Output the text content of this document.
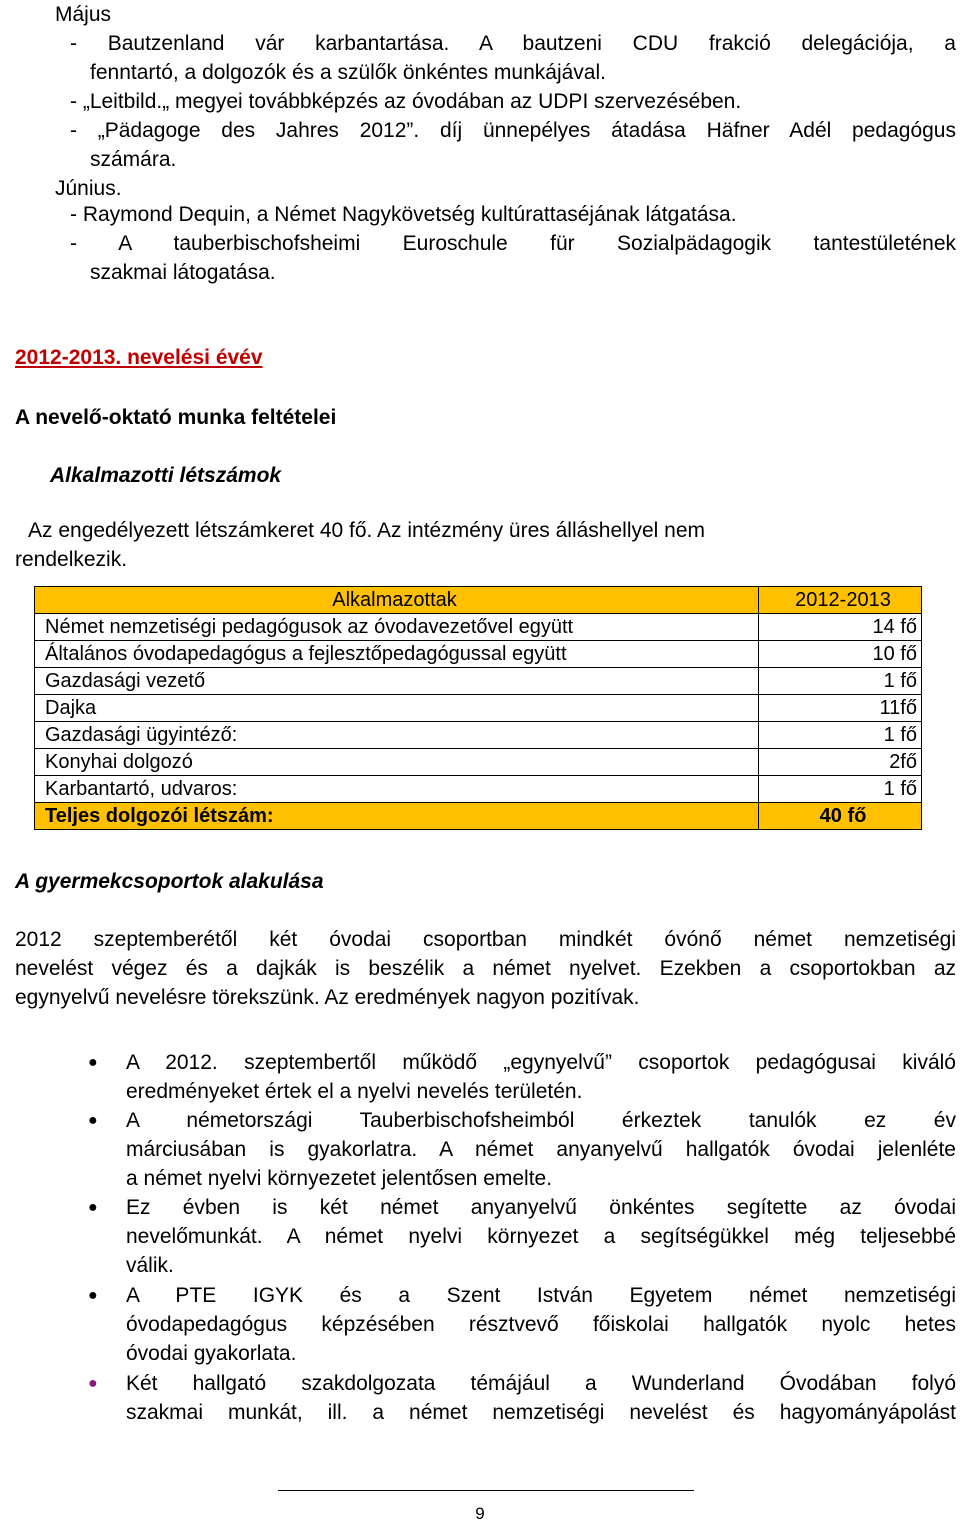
Május
- Bautzenland vár karbantartása. A bautzeni CDU frakció delegációja, a
fenntartó, a dolgozók és a szülők önkéntes munkájával.
- „Leitbild.„ megyei továbbképzés az óvodában az UDPI szervezésében.
- „Pädagoge des Jahres 2012”. díj ünnepélyes átadása Häfner Adél pedagógus
számára.
Június.
- Raymond Dequin, a Német Nagykövetség kultúrattaséjának látgatása.
- A tauberbischofsheimi Euroschule für Sozialpädagogik tantestületének
szakmai látogatása.
2012-2013. nevelési évév
A nevelő-oktató munka feltételei
Alkalmazotti létszámok
Az engedélyezett létszámkeret 40 fő. Az intézmény üres álláshellyel nem
rendelkezik.
Alkalmazottak	2012-2013
Német nemzetiségi pedagógusok az óvodavezetővel együtt	14 fő
Általános óvodapedagógus a fejlesztőpedagógussal együtt	10 fő
Gazdasági vezető	1 fő
Dajka	11fő
Gazdasági ügyintéző:	1 fő
Konyhai dolgozó	2fő
Karbantartó, udvaros:	1 fő
Teljes dolgozói létszám:	40 fő
A gyermekcsoportok alakulása
2012 szeptemberétől két óvodai csoportban mindkét óvónő német nemzetiségi
nevelést végez és a dajkák is beszélik a német nyelvet. Ezekben a csoportokban az
egynyelvű nevelésre törekszünk. Az eredmények nagyon pozitívak.
● A 2012. szeptembertől működő „egynyelvű” csoportok pedagógusai kiváló
eredményeket értek el a nyelvi nevelés területén.
● A németországi Tauberbischofsheimból érkeztek tanulók ez év
márciusában is gyakorlatra. A német anyanyelvű hallgatók óvodai jelenléte
a német nyelvi környezetet jelentősen emelte.
● Ez évben is két német anyanyelvű önkéntes segítette az óvodai
nevelőmunkát. A német nyelvi környezet a segítségükkel még teljesebbé
válik.
● A PTE IGYK és a Szent István Egyetem német nemzetiségi
óvodapedagógus képzésében résztvevő főiskolai hallgatók nyolc hetes
óvodai gyakorlata.
● Két hallgató szakdolgozata témájául a Wunderland Óvodában folyó
szakmai munkát, ill. a német nemzetiségi nevelést és hagyományápolást
9
